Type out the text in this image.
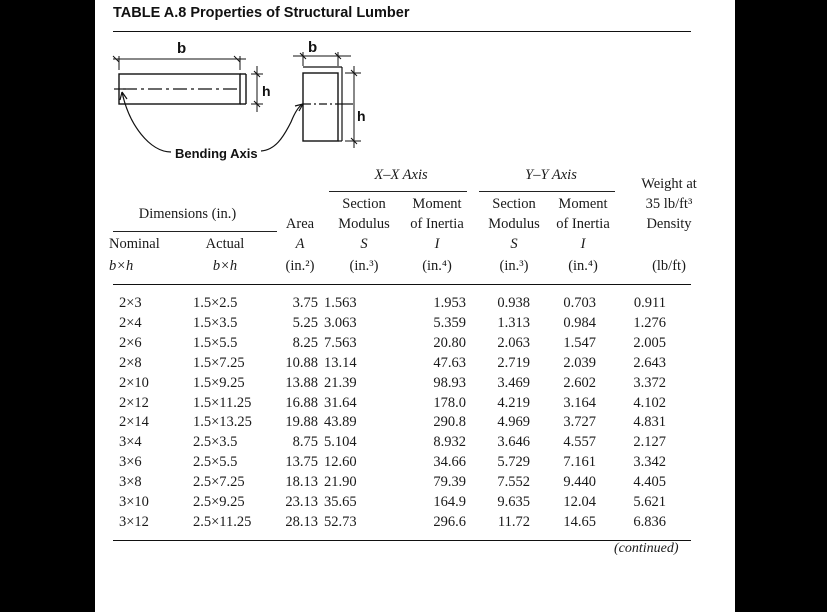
TABLE A.8 Properties of Structural Lumber
b	b
h
h
Bending Axis
X–X Axis	Y–Y Axis
Weight at
35 lb/ft³
Density
Dimensions (in.)
Section	Moment	Section	Moment
Area	Modulus	of Inertia	Modulus	of Inertia
Nominal	Actual	A	S	I	S	I
b×h	b×h	(in.²)	(in.³)	(in.⁴)	(in.³)	(in.⁴)	(lb/ft)
2×3	1.5×2.5	3.75	1.563	1.953	0.938	0.703	0.911
2×4	1.5×3.5	5.25	3.063	5.359	1.313	0.984	1.276
2×6	1.5×5.5	8.25	7.563	20.80	2.063	1.547	2.005
2×8	1.5×7.25	10.88	13.14	47.63	2.719	2.039	2.643
2×10	1.5×9.25	13.88	21.39	98.93	3.469	2.602	3.372
2×12	1.5×11.25	16.88	31.64	178.0	4.219	3.164	4.102
2×14	1.5×13.25	19.88	43.89	290.8	4.969	3.727	4.831
3×4	2.5×3.5	8.75	5.104	8.932	3.646	4.557	2.127
3×6	2.5×5.5	13.75	12.60	34.66	5.729	7.161	3.342
3×8	2.5×7.25	18.13	21.90	79.39	7.552	9.440	4.405
3×10	2.5×9.25	23.13	35.65	164.9	9.635	12.04	5.621
3×12	2.5×11.25	28.13	52.73	296.6	11.72	14.65	6.836
(continued)
